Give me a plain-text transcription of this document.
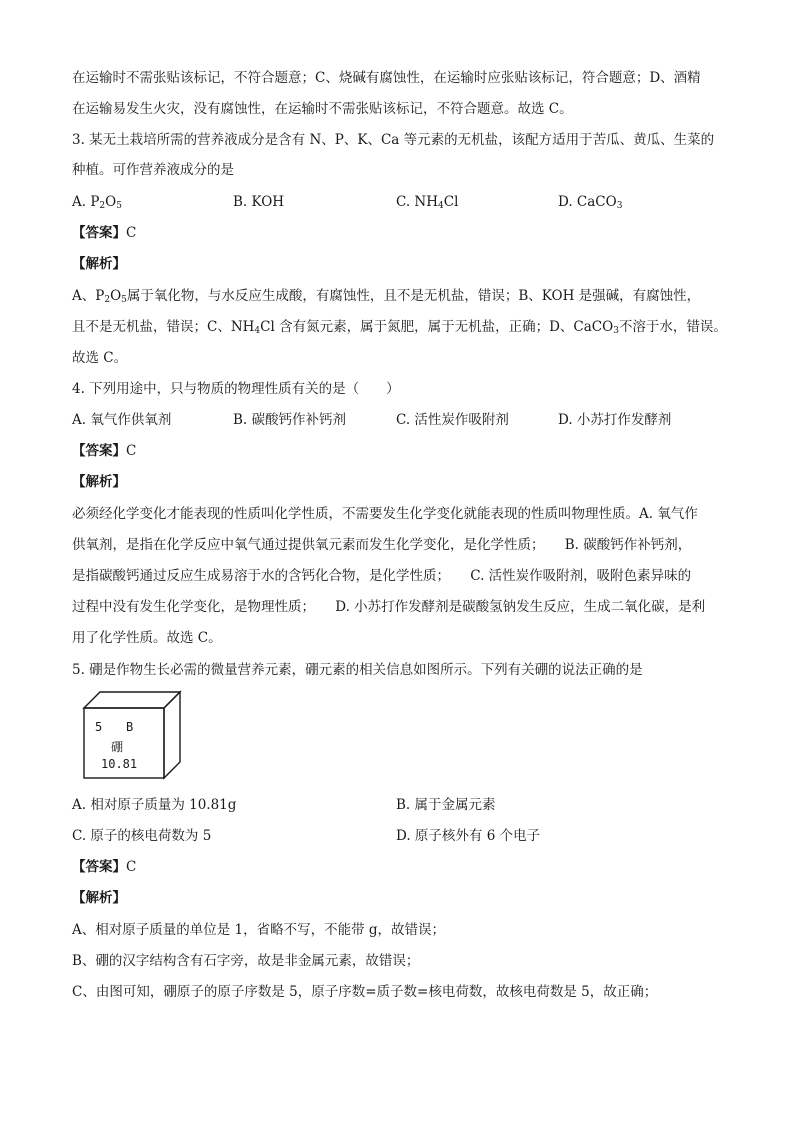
在运输时不需张贴该标记，不符合题意；C、烧碱有腐蚀性，在运输时应张贴该标记，符合题意；D、酒精
在运输易发生火灾，没有腐蚀性，在运输时不需张贴该标记，不符合题意。故选 C。
3. 某无土栽培所需的营养液成分是含有 N、P、K、Ca 等元素的无机盐，该配方适用于苦瓜、黄瓜、生菜的
种植。可作营养液成分的是
A. $P_2O_5$	B. KOH	C. $NH_4Cl$	D. CaCO$_3$
【答案】C
【解析】
A、$P_2O_5$属于氧化物，与水反应生成酸，有腐蚀性，且不是无机盐，错误；B、KOH 是强碱，有腐蚀性，
且不是无机盐，错误；C、$NH_4Cl$ 含有氮元素，属于氮肥，属于无机盐，正确；D、CaCO$_3$不溶于水，错误。
故选 C。
4. 下列用途中，只与物质的物理性质有关的是（　　）
A. 氧气作供氧剂	B. 碳酸钙作补钙剂	C. 活性炭作吸附剂	D. 小苏打作发酵剂
【答案】C
【解析】
必须经化学变化才能表现的性质叫化学性质，不需要发生化学变化就能表现的性质叫物理性质。A. 氧气作
供氧剂，是指在化学反应中氧气通过提供氧元素而发生化学变化，是化学性质；　　B. 碳酸钙作补钙剂，
是指碳酸钙通过反应生成易溶于水的含钙化合物，是化学性质；　　C. 活性炭作吸附剂，吸附色素异味的
过程中没有发生化学变化，是物理性质；　　D. 小苏打作发酵剂是碳酸氢钠发生反应，生成二氧化碳，是利
用了化学性质。故选 C。
5. 硼是作物生长必需的微量营养元素，硼元素的相关信息如图所示。下列有关硼的说法正确的是
5 B
硼
10.81
A. 相对原子质量为 10.81g	B. 属于金属元素
C. 原子的核电荷数为 5	D. 原子核外有 6 个电子
【答案】C
【解析】
A、相对原子质量的单位是 1，省略不写，不能带 g，故错误；
B、硼的汉字结构含有石字旁，故是非金属元素，故错误；
C、由图可知，硼原子的原子序数是 5，原子序数=质子数=核电荷数，故核电荷数是 5，故正确；
